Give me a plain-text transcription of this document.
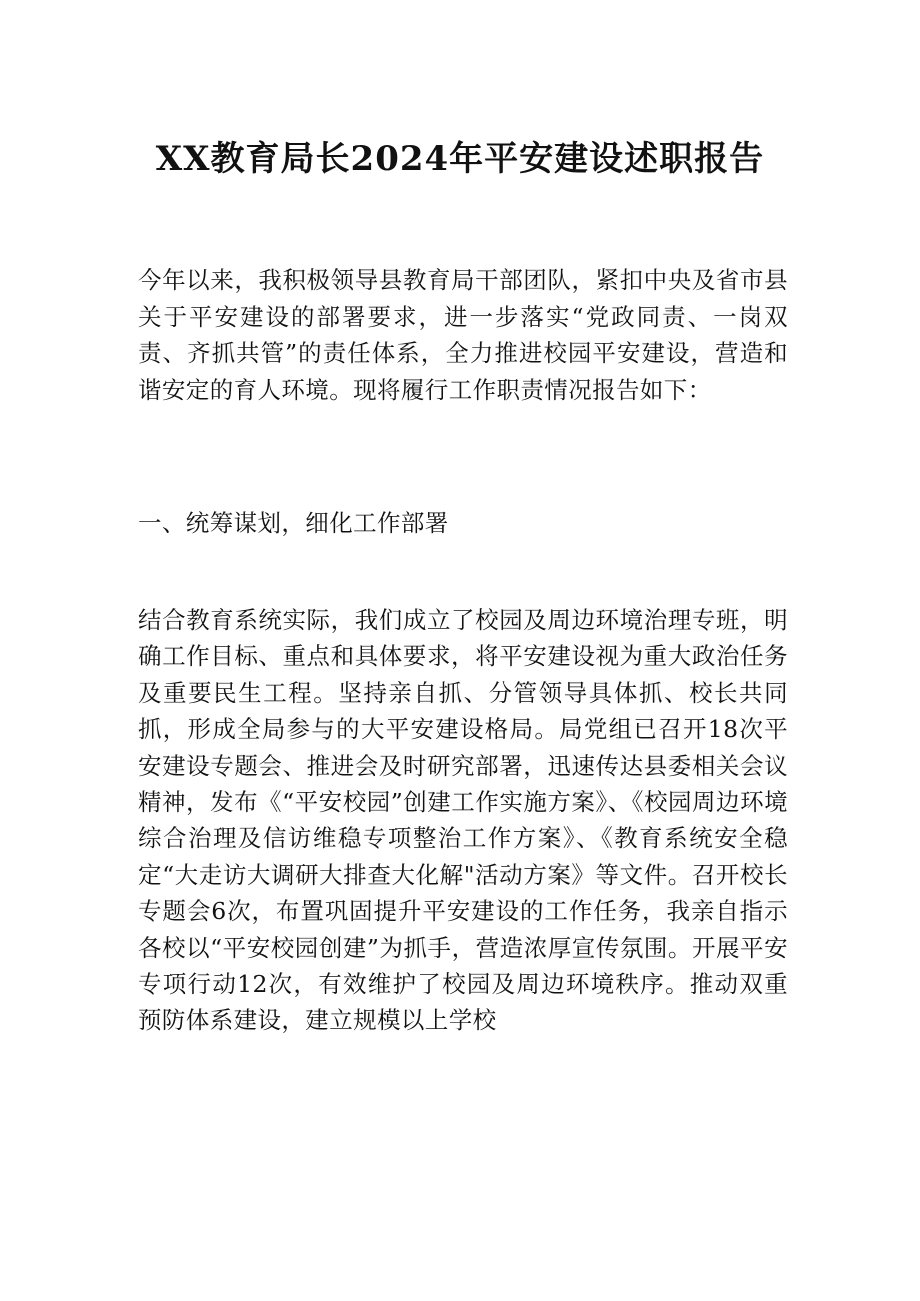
XX教育局长2024年平安建设述职报告

今年以来，我积极领导县教育局干部团队，紧扣中央及省市县关于平安建设的部署要求，进一步落实“党政同责、一岗双责、齐抓共管”的责任体系，全力推进校园平安建设，营造和谐安定的育人环境。现将履行工作职责情况报告如下：

一、统筹谋划，细化工作部署

结合教育系统实际，我们成立了校园及周边环境治理专班，明确工作目标、重点和具体要求，将平安建设视为重大政治任务及重要民生工程。坚持亲自抓、分管领导具体抓、校长共同抓，形成全局参与的大平安建设格局。局党组已召开18次平安建设专题会、推进会及时研究部署，迅速传达县委相关会议精神，发布《“平安校园”创建工作实施方案》、《校园周边环境综合治理及信访维稳专项整治工作方案》、《教育系统安全稳定“大走访大调研大排查大化解"活动方案》等文件。召开校长专题会6次，布置巩固提升平安建设的工作任务，我亲自指示各校以“平安校园创建”为抓手，营造浓厚宣传氛围。开展平安专项行动12次，有效维护了校园及周边环境秩序。推动双重预防体系建设，建立规模以上学校
